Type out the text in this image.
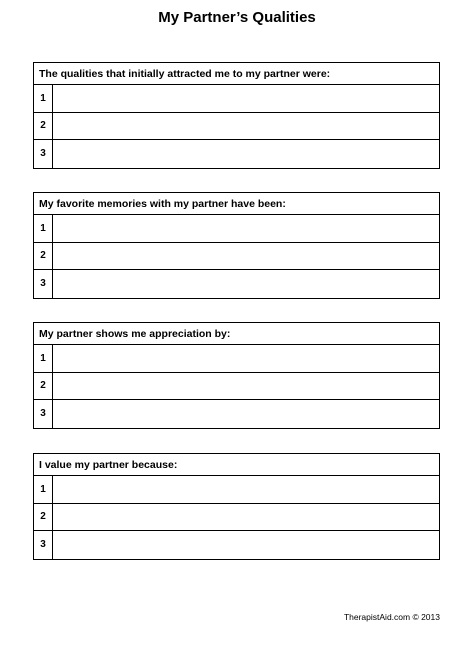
My Partner’s Qualities
The qualities that initially attracted me to my partner were:
1
2
3
My favorite memories with my partner have been:
1
2
3
My partner shows me appreciation by:
1
2
3
I value my partner because:
1
2
3
TherapistAid.com © 2013
